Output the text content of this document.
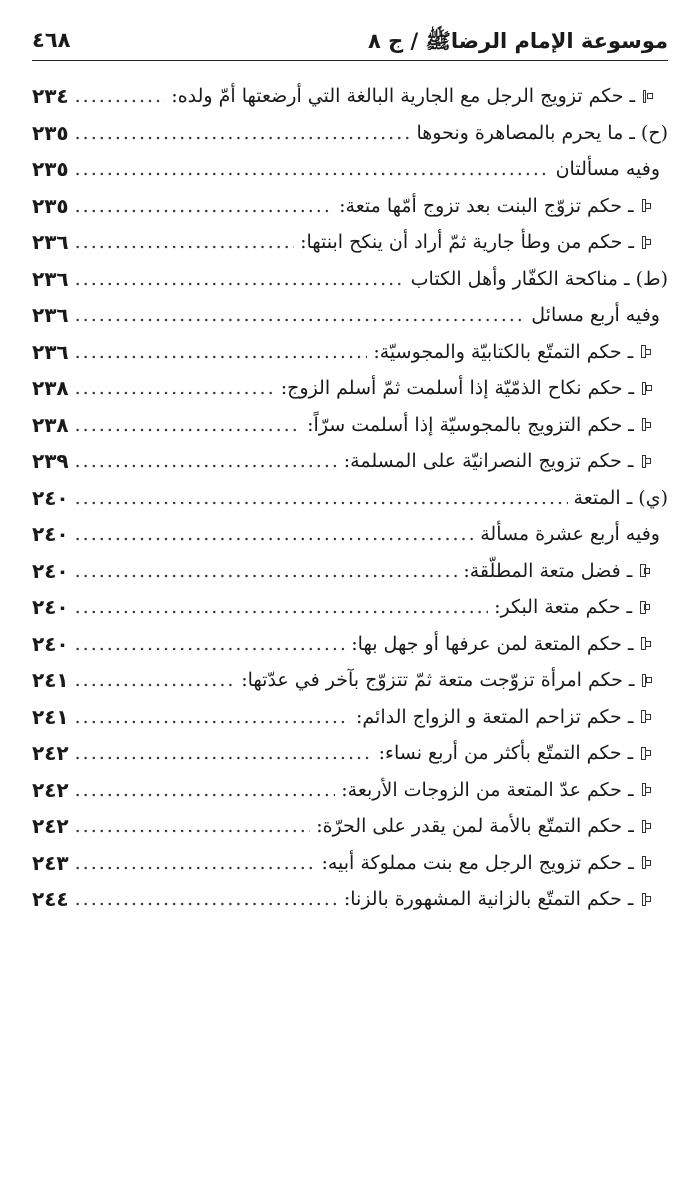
موسوعة الإمام الرضاﷺ / ج ٨
٤٦٨
ـ حكم تزويج الرجل مع الجارية البالغة التي أرضعتها أمّ ولده:
.....
٢٣٤
(ح) ـ ما يحرم بالمصاهرة ونحوها
.....
٢٣٥
وفيه مسألتان
.....
٢٣٥
ـ حكم تزوّج البنت بعد تزوج أمّها متعة:
.....
٢٣٥
ـ حكم من وطأ جارية ثمّ أراد أن ينكح ابنتها:
.....
٢٣٦
(ط) ـ مناكحة الكفّار وأهل الكتاب
.....
٢٣٦
وفيه أربع مسائل
.....
٢٣٦
ـ حكم التمتّع بالكتابيّة والمجوسيّة:
.....
٢٣٦
ـ حكم نكاح الذمّيّة إذا أسلمت ثمّ أسلم الزوج:
.....
٢٣٨
ـ حكم التزويج بالمجوسيّة إذا أسلمت سرّاً:
.....
٢٣٨
ـ حكم تزويج النصرانيّة على المسلمة:
.....
٢٣٩
(ي) ـ المتعة
.....
٢٤٠
وفيه أربع عشرة مسألة
.....
٢٤٠
ـ فضل متعة المطلّقة:
.....
٢٤٠
ـ حكم متعة البكر:
.....
٢٤٠
ـ حكم المتعة لمن عرفها أو جهل بها:
.....
٢٤٠
ـ حكم امرأة تزوّجت متعة ثمّ تتزوّج بآخر في عدّتها:
.....
٢٤١
ـ حكم تزاحم المتعة و الزواج الدائم:
.....
٢٤١
ـ حكم التمتّع بأكثر من أربع نساء:
.....
٢٤٢
ـ حكم عدّ المتعة من الزوجات الأربعة:
.....
٢٤٢
ـ حكم التمتّع بالأمة لمن يقدر على الحرّة:
.....
٢٤٢
ـ حكم تزويج الرجل مع بنت مملوكة أبيه:
.....
٢٤٣
ـ حكم التمتّع بالزانية المشهورة بالزنا:
.....
٢٤٤
